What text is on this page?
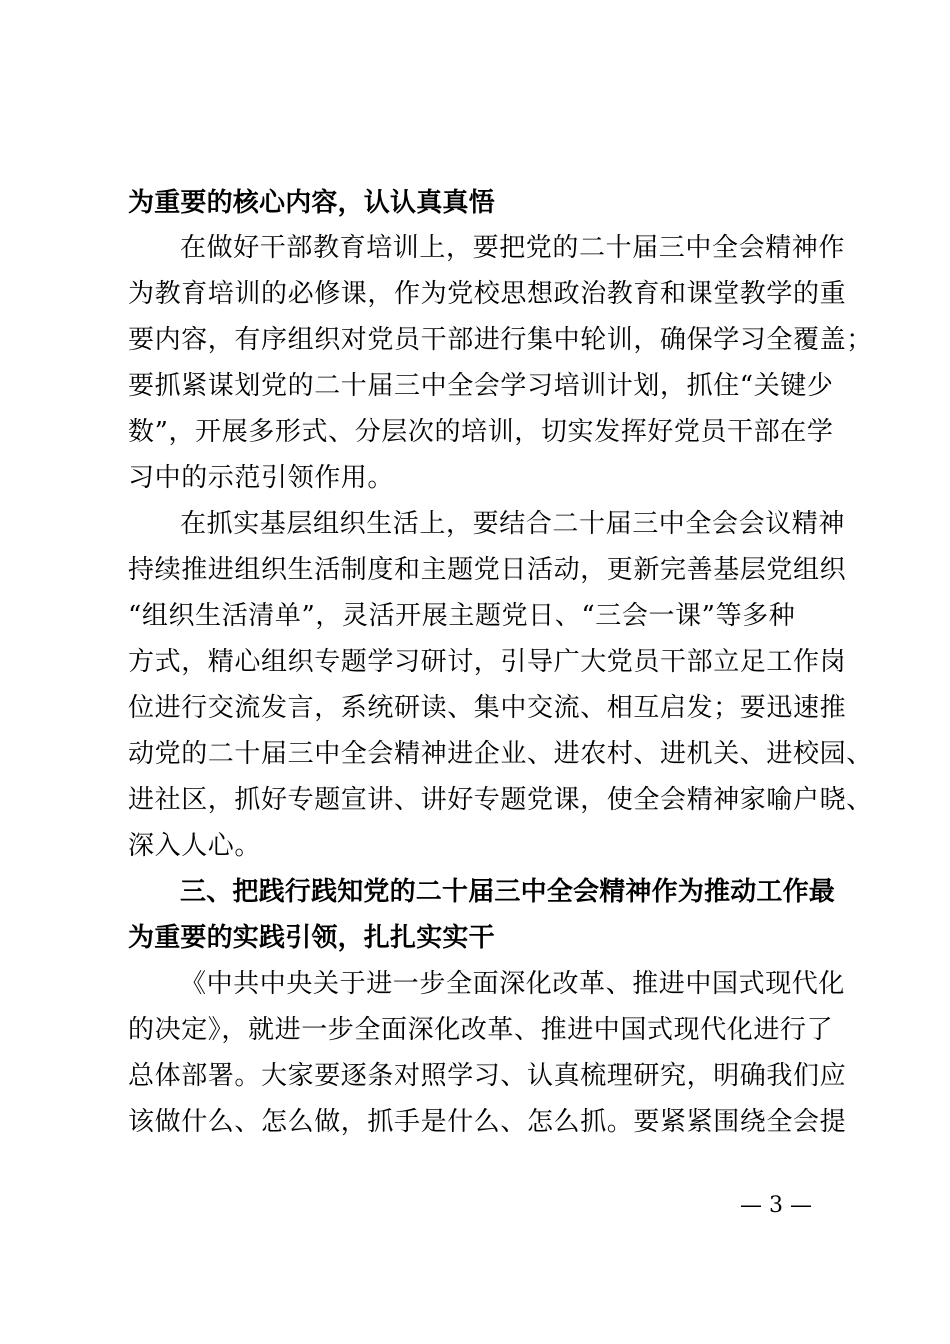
为重要的核心内容，认认真真悟
在做好干部教育培训上，要把党的二十届三中全会精神作
为教育培训的必修课，作为党校思想政治教育和课堂教学的重
要内容，有序组织对党员干部进行集中轮训，确保学习全覆盖；
要抓紧谋划党的二十届三中全会学习培训计划，抓住“关键少
数”，开展多形式、分层次的培训，切实发挥好党员干部在学
习中的示范引领作用。
在抓实基层组织生活上，要结合二十届三中全会会议精神
持续推进组织生活制度和主题党日活动，更新完善基层党组织
“组织生活清单”，灵活开展主题党日、“三会一课”等多种
方式，精心组织专题学习研讨，引导广大党员干部立足工作岗
位进行交流发言，系统研读、集中交流、相互启发；要迅速推
动党的二十届三中全会精神进企业、进农村、进机关、进校园、
进社区，抓好专题宣讲、讲好专题党课，使全会精神家喻户晓、
深入人心。
三、把践行践知党的二十届三中全会精神作为推动工作最
为重要的实践引领，扎扎实实干
《中共中央关于进一步全面深化改革、推进中国式现代化
的决定》，就进一步全面深化改革、推进中国式现代化进行了
总体部署。大家要逐条对照学习、认真梳理研究，明确我们应
该做什么、怎么做，抓手是什么、怎么抓。要紧紧围绕全会提
— 3 —
